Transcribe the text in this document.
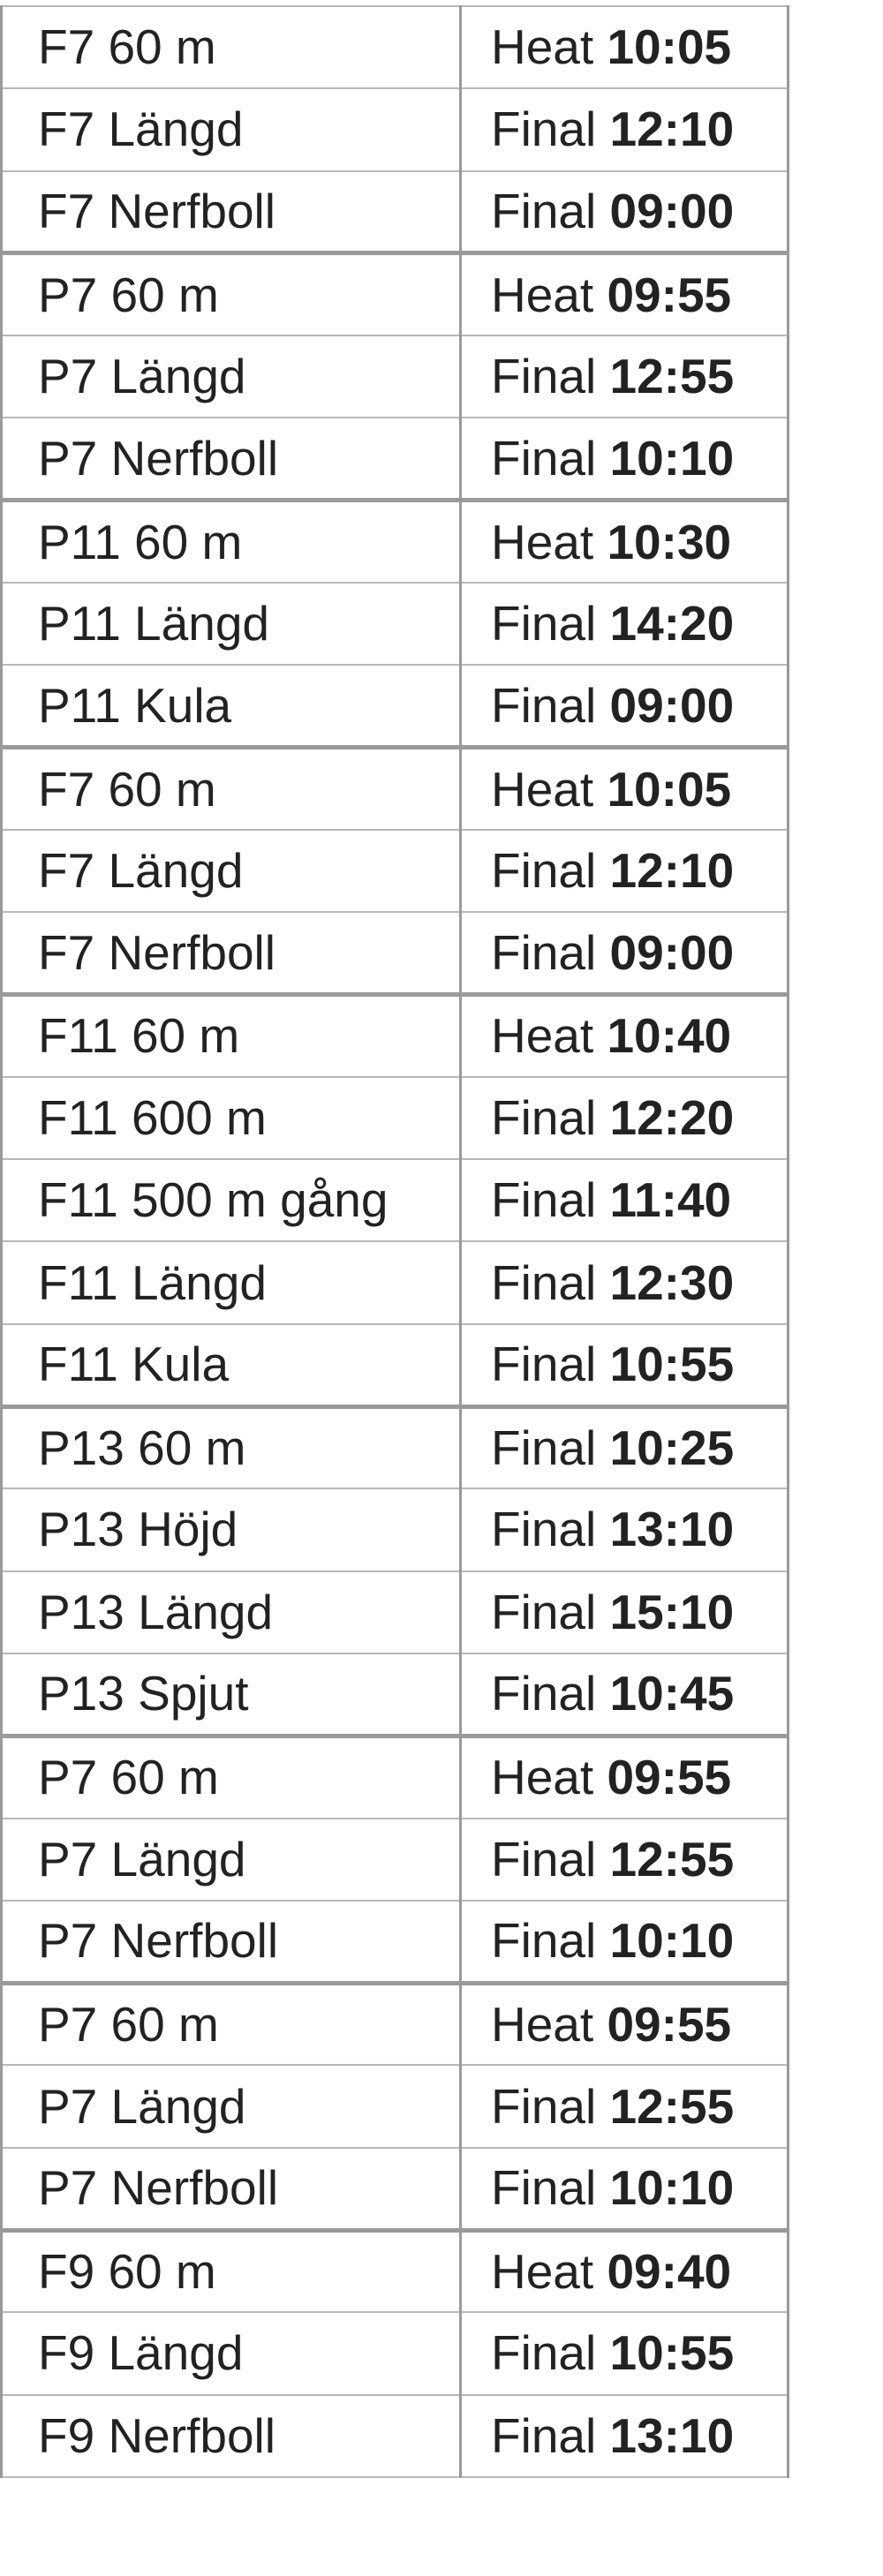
F7 60 m	Heat 10:05
F7 Längd	Final 12:10
F7 Nerfboll	Final 09:00
P7 60 m	Heat 09:55
P7 Längd	Final 12:55
P7 Nerfboll	Final 10:10
P11 60 m	Heat 10:30
P11 Längd	Final 14:20
P11 Kula	Final 09:00
F7 60 m	Heat 10:05
F7 Längd	Final 12:10
F7 Nerfboll	Final 09:00
F11 60 m	Heat 10:40
F11 600 m	Final 12:20
F11 500 m gång	Final 11:40
F11 Längd	Final 12:30
F11 Kula	Final 10:55
P13 60 m	Final 10:25
P13 Höjd	Final 13:10
P13 Längd	Final 15:10
P13 Spjut	Final 10:45
P7 60 m	Heat 09:55
P7 Längd	Final 12:55
P7 Nerfboll	Final 10:10
P7 60 m	Heat 09:55
P7 Längd	Final 12:55
P7 Nerfboll	Final 10:10
F9 60 m	Heat 09:40
F9 Längd	Final 10:55
F9 Nerfboll	Final 13:10
